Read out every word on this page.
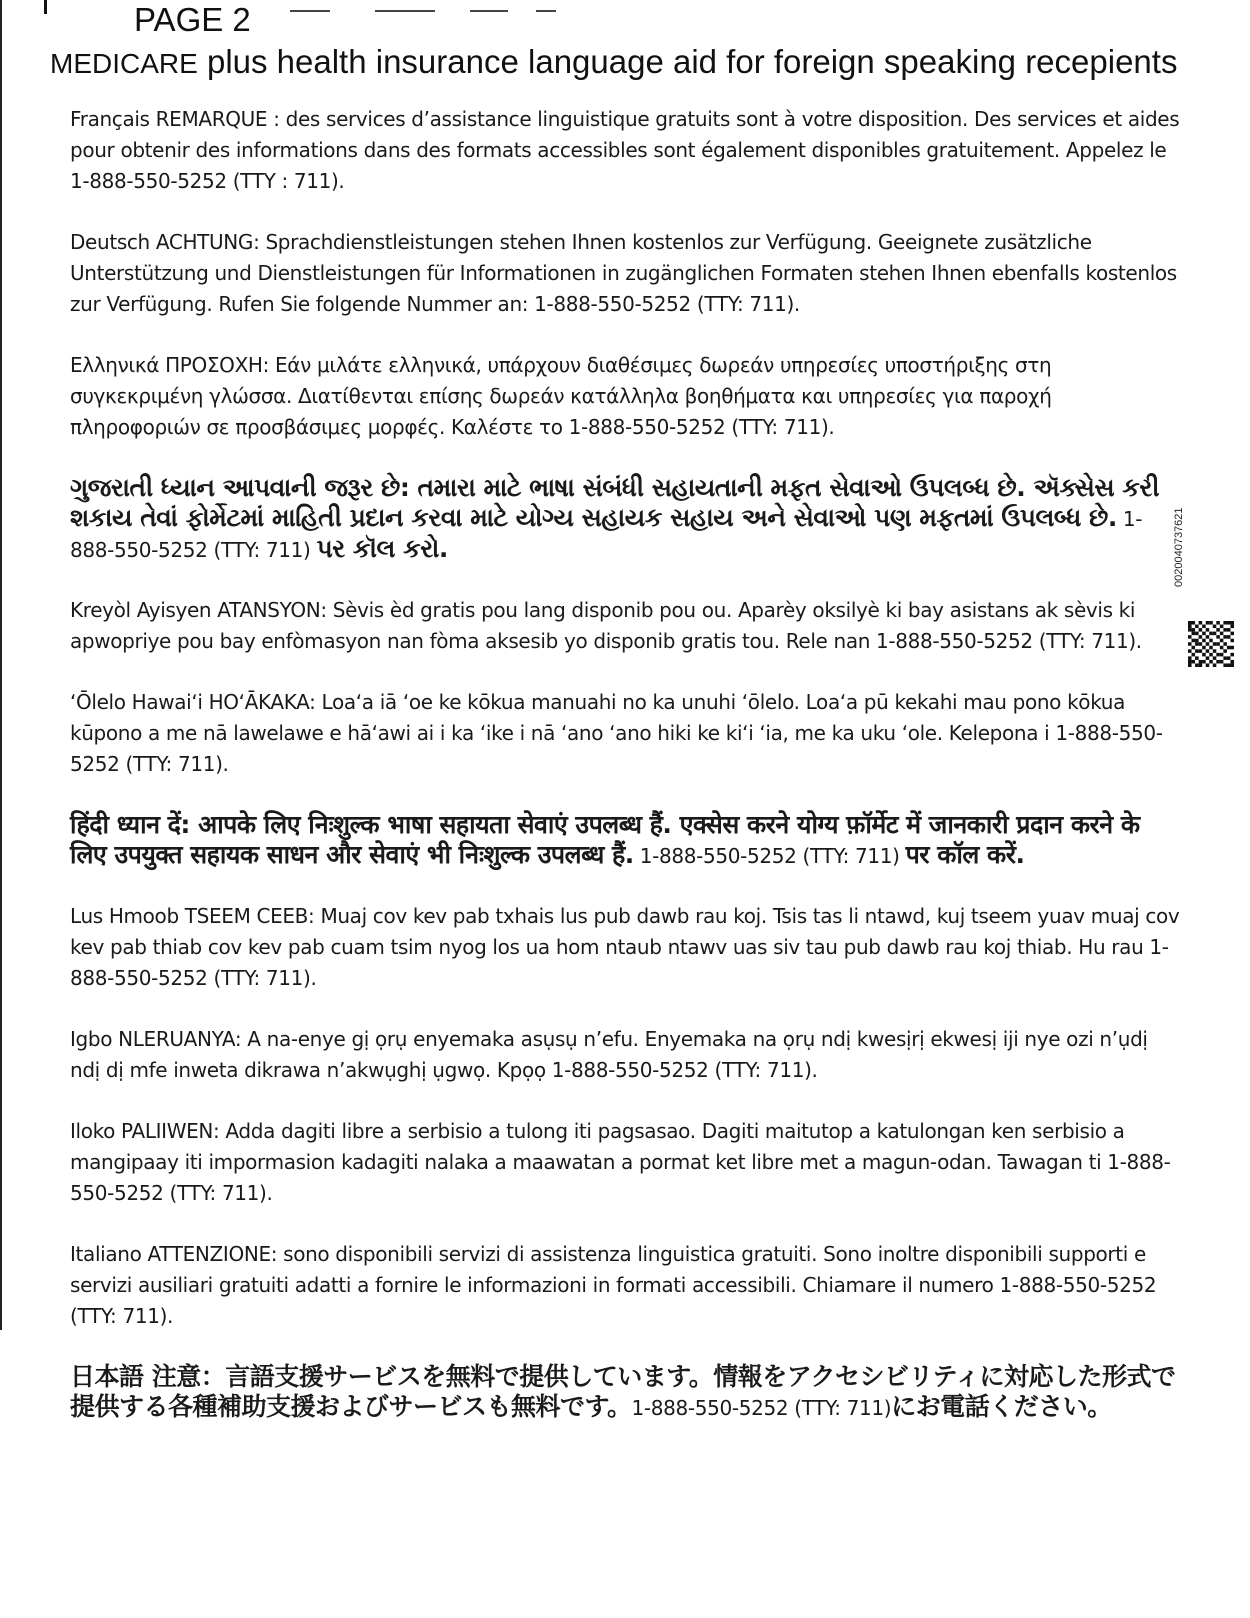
PAGE 2
MEDICARE plus health insurance language aid for foreign speaking recepients

Français REMARQUE : des services d’assistance linguistique gratuits sont à votre disposition. Des services et aides pour obtenir des informations dans des formats accessibles sont également disponibles gratuitement. Appelez le 1-888-550-5252 (TTY : 711).

Deutsch ACHTUNG: Sprachdienstleistungen stehen Ihnen kostenlos zur Verfügung. Geeignete zusätzliche Unterstützung und Dienstleistungen für Informationen in zugänglichen Formaten stehen Ihnen ebenfalls kostenlos zur Verfügung. Rufen Sie folgende Nummer an: 1-888-550-5252 (TTY: 711).

Ελληνικά ΠΡΟΣΟΧΗ: Εάν μιλάτε ελληνικά, υπάρχουν διαθέσιμες δωρεάν υπηρεσίες υποστήριξης στη συγκεκριμένη γλώσσα. Διατίθενται επίσης δωρεάν κατάλληλα βοηθήματα και υπηρεσίες για παροχή πληροφοριών σε προσβάσιμες μορφές. Καλέστε το 1-888-550-5252 (TTY: 711).

ગુજરાતી ધ્યાન આપવાની જરૂર છે: તમારા માટે ભાષા સંબંધી સહાયતાની મફત સેવાઓ ઉપલબ્ધ છે. ઍક્સેસ કરી શકાય તેવાં ફોર્મેટમાં માહિતી પ્રદાન કરવા માટે યોગ્ય સહાયક સહાય અને સેવાઓ પણ મફતમાં ઉપલબ્ધ છે. 1-888-550-5252 (TTY: 711) પર કૉલ કરો.

Kreyòl Ayisyen ATANSYON: Sèvis èd gratis pou lang disponib pou ou. Aparèy oksilyè ki bay asistans ak sèvis ki apwopriye pou bay enfòmasyon nan fòma aksesib yo disponib gratis tou. Rele nan 1-888-550-5252 (TTY: 711).

ʻŌlelo Hawaiʻi HOʻĀKAKA: Loaʻa iā ʻoe ke kōkua manuahi no ka unuhi ʻōlelo. Loaʻa pū kekahi mau pono kōkua kūpono a me nā lawelawe e hāʻawi ai i ka ʻike i nā ʻano ʻano hiki ke kiʻi ʻia, me ka uku ʻole. Kelepona i 1-888-550-5252 (TTY: 711).

हिंदी ध्यान दें: आपके लिए निःशुल्क भाषा सहायता सेवाएं उपलब्ध हैं. एक्सेस करने योग्य फ़ॉर्मेट में जानकारी प्रदान करने के लिए उपयुक्त सहायक साधन और सेवाएं भी निःशुल्क उपलब्ध हैं. 1-888-550-5252 (TTY: 711) पर कॉल करें.

Lus Hmoob TSEEM CEEB: Muaj cov kev pab txhais lus pub dawb rau koj. Tsis tas li ntawd, kuj tseem yuav muaj cov kev pab thiab cov kev pab cuam tsim nyog los ua hom ntaub ntawv uas siv tau pub dawb rau koj thiab. Hu rau 1-888-550-5252 (TTY: 711).

Igbo NLERUANYA: A na-enye gị ọrụ enyemaka asụsụ n’efu. Enyemaka na ọrụ ndị kwesịrị ekwesị iji nye ozi n’ụdị ndị dị mfe inweta dikrawa n’akwụghị ụgwọ. Kpọọ 1-888-550-5252 (TTY: 711).

Iloko PALIIWEN: Adda dagiti libre a serbisio a tulong iti pagsasao. Dagiti maitutop a katulongan ken serbisio a mangipaay iti impormasion kadagiti nalaka a maawatan a pormat ket libre met a magun-odan. Tawagan ti 1-888-550-5252 (TTY: 711).

Italiano ATTENZIONE: sono disponibili servizi di assistenza linguistica gratuiti. Sono inoltre disponibili supporti e servizi ausiliari gratuiti adatti a fornire le informazioni in formati accessibili. Chiamare il numero 1-888-550-5252 (TTY: 711).

日本語 注意：言語支援サービスを無料で提供しています。情報をアクセシビリティに対応した形式で提供する各種補助支援およびサービスも無料です。1-888-550-5252 (TTY: 711)にお電話ください。

0020040737621
